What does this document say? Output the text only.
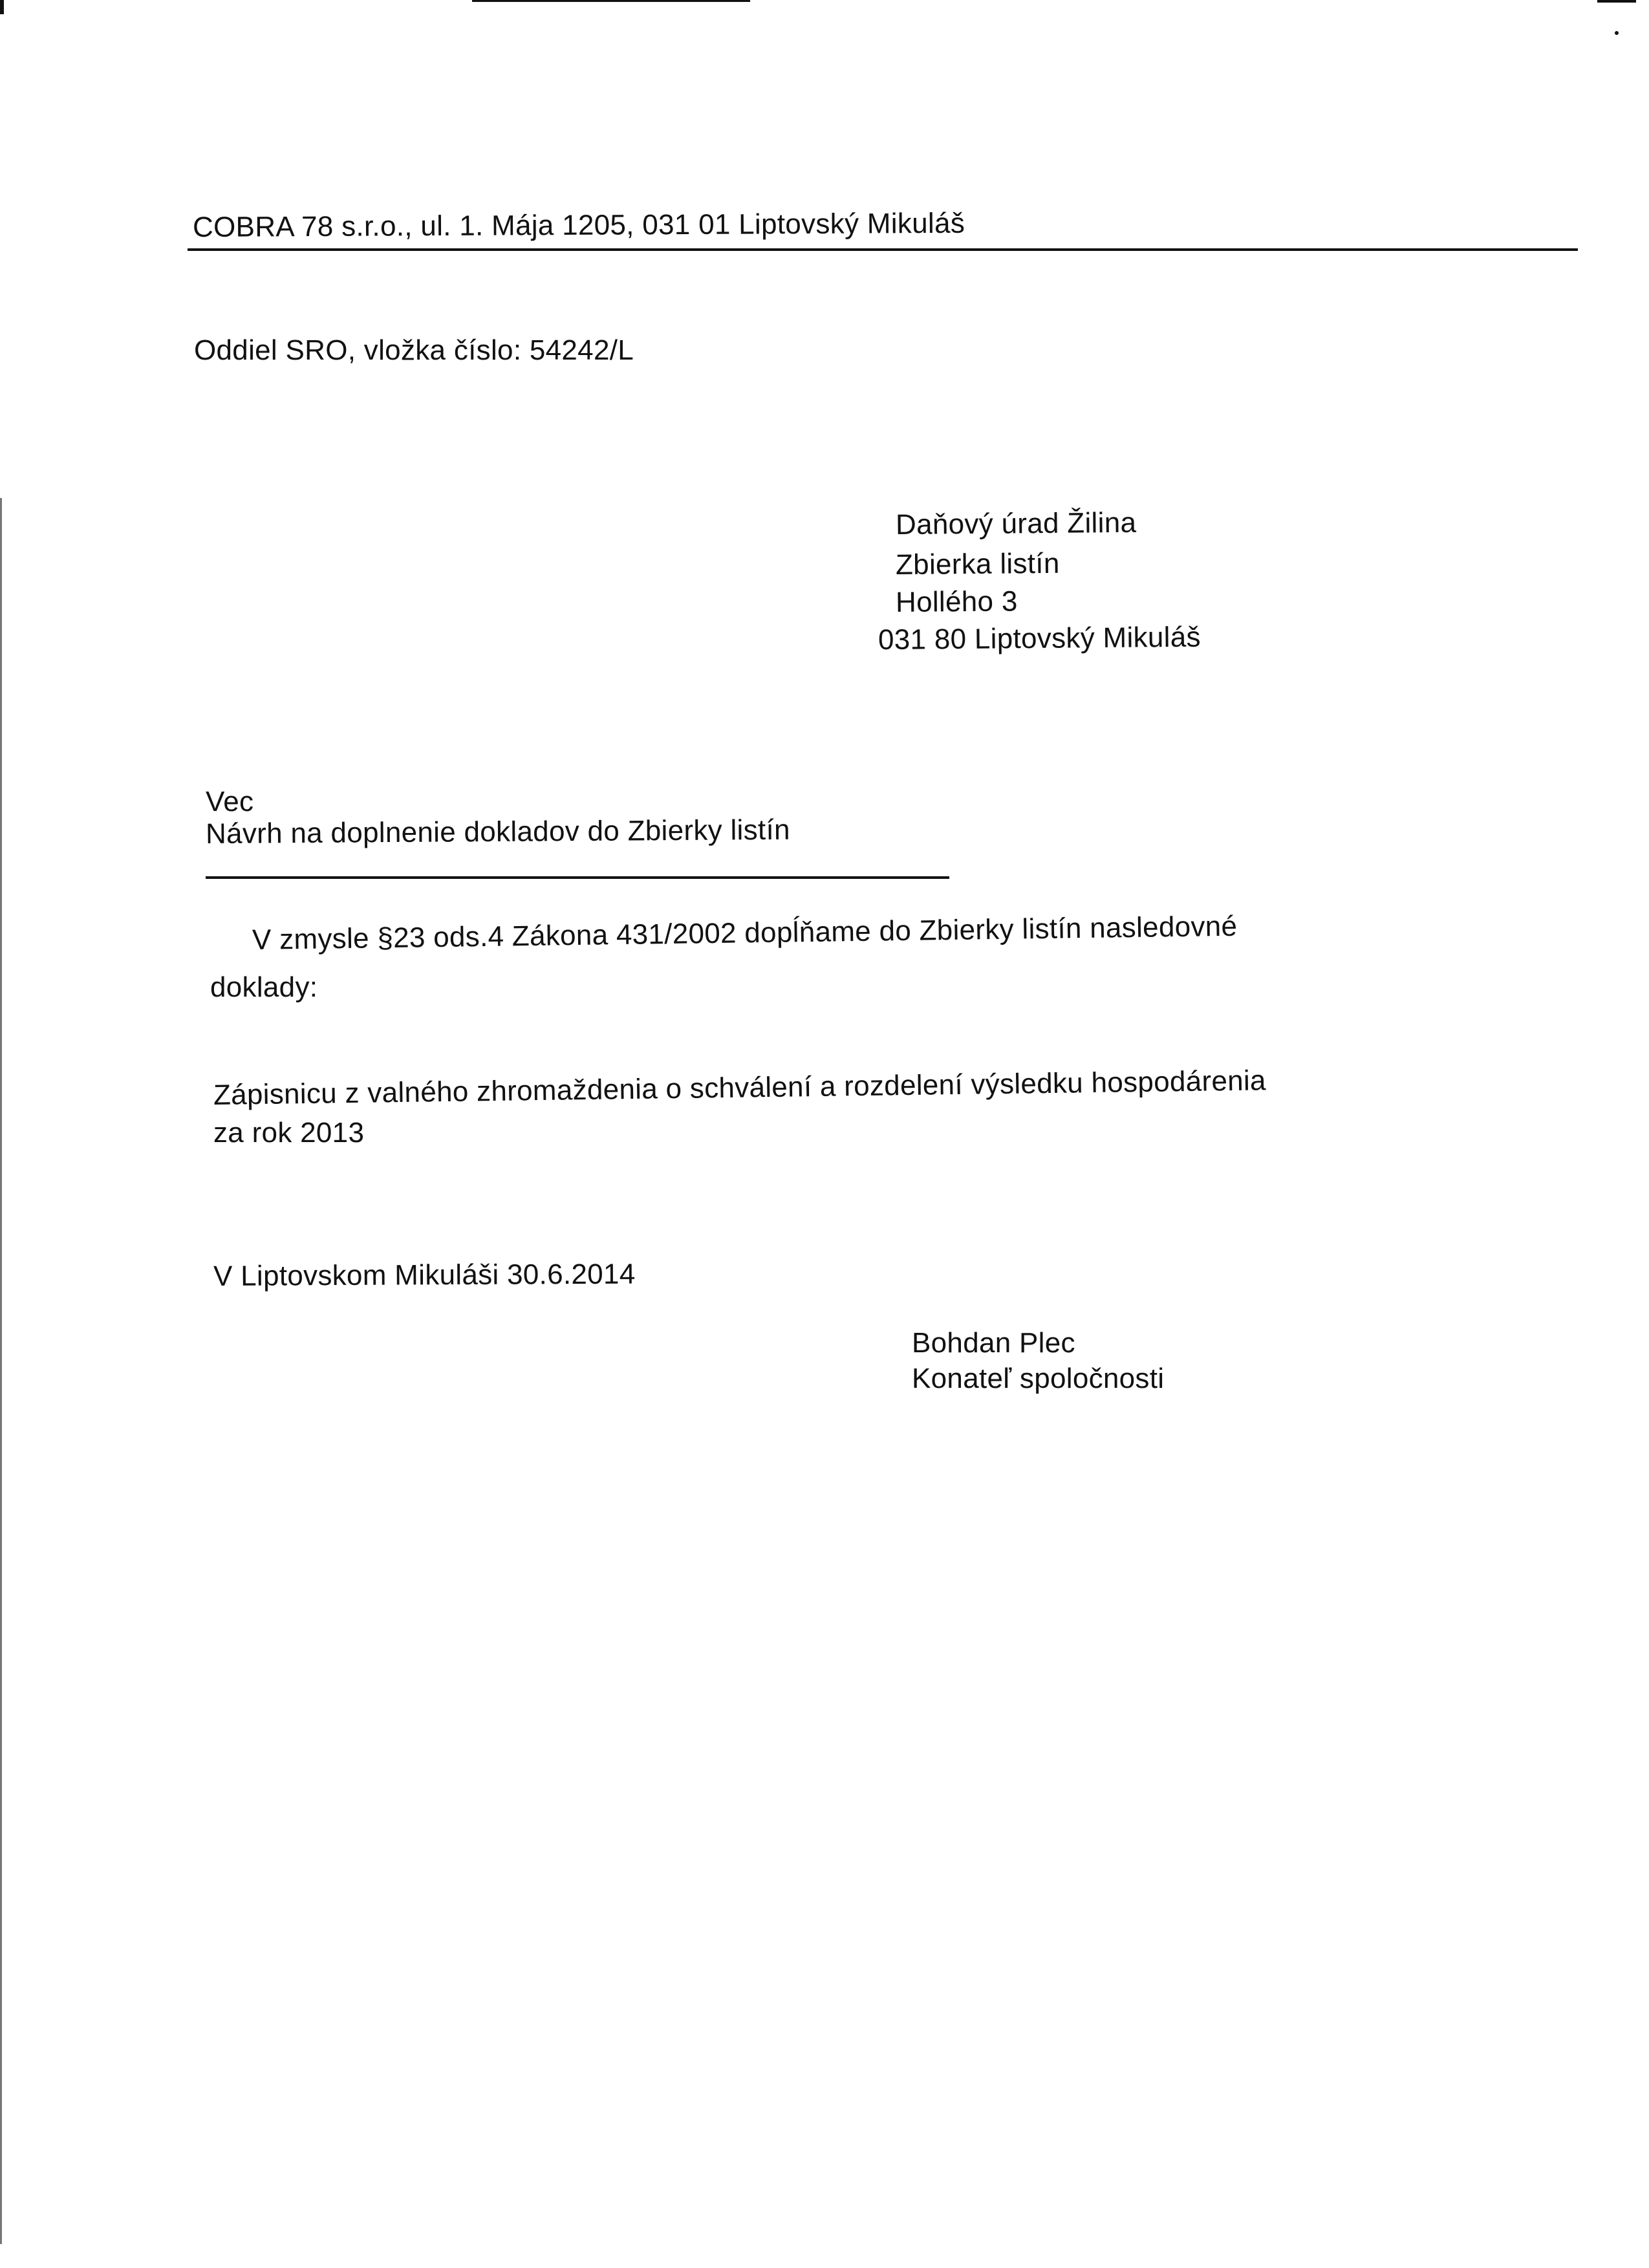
COBRA 78 s.r.o., ul. 1. Mája 1205, 031 01 Liptovský Mikuláš
Oddiel SRO, vložka číslo: 54242/L
Daňový úrad Žilina
Zbierka listín
Hollého 3
031 80 Liptovský Mikuláš
Vec
Návrh na doplnenie dokladov do Zbierky listín
V zmysle §23 ods.4 Zákona 431/2002 dopĺňame do Zbierky listín nasledovné
doklady:
Zápisnicu z valného zhromaždenia o schválení a rozdelení výsledku hospodárenia
za rok 2013
V Liptovskom Mikuláši 30.6.2014
Bohdan Plec
Konateľ spoločnosti
